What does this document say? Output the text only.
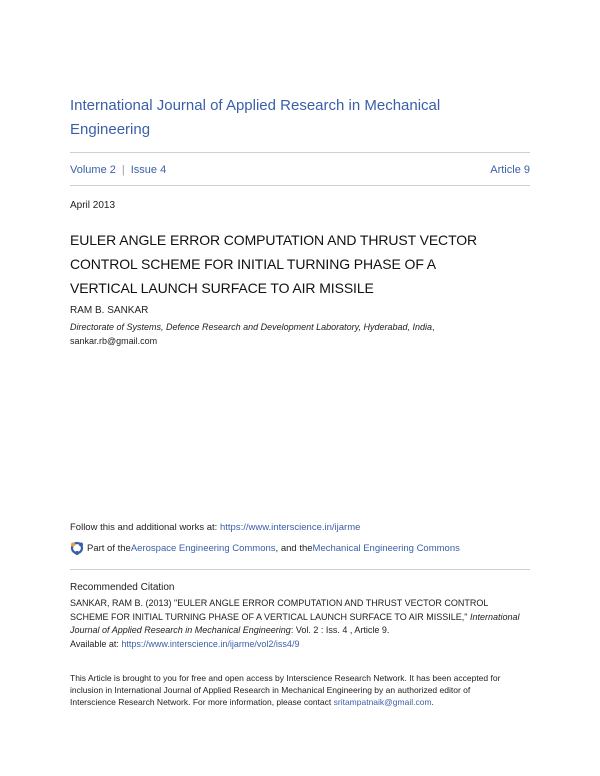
International Journal of Applied Research in Mechanical
Engineering
Volume 2 | Issue 4	Article 9
April 2013
EULER ANGLE ERROR COMPUTATION AND THRUST VECTOR
CONTROL SCHEME FOR INITIAL TURNING PHASE OF A
VERTICAL LAUNCH SURFACE TO AIR MISSILE
RAM B. SANKAR
Directorate of Systems, Defence Research and Development Laboratory, Hyderabad, India,
sankar.rb@gmail.com
Follow this and additional works at: https://www.interscience.in/ijarme
Part of the Aerospace Engineering Commons , and the Mechanical Engineering Commons
Recommended Citation
SANKAR, RAM B. (2013) "EULER ANGLE ERROR COMPUTATION AND THRUST VECTOR CONTROL
SCHEME FOR INITIAL TURNING PHASE OF A VERTICAL LAUNCH SURFACE TO AIR MISSILE," International
Journal of Applied Research in Mechanical Engineering: Vol. 2 : Iss. 4 , Article 9.
Available at: https://www.interscience.in/ijarme/vol2/iss4/9
This Article is brought to you for free and open access by Interscience Research Network. It has been accepted for
inclusion in International Journal of Applied Research in Mechanical Engineering by an authorized editor of
Interscience Research Network. For more information, please contact sritampatnaik@gmail.com.
